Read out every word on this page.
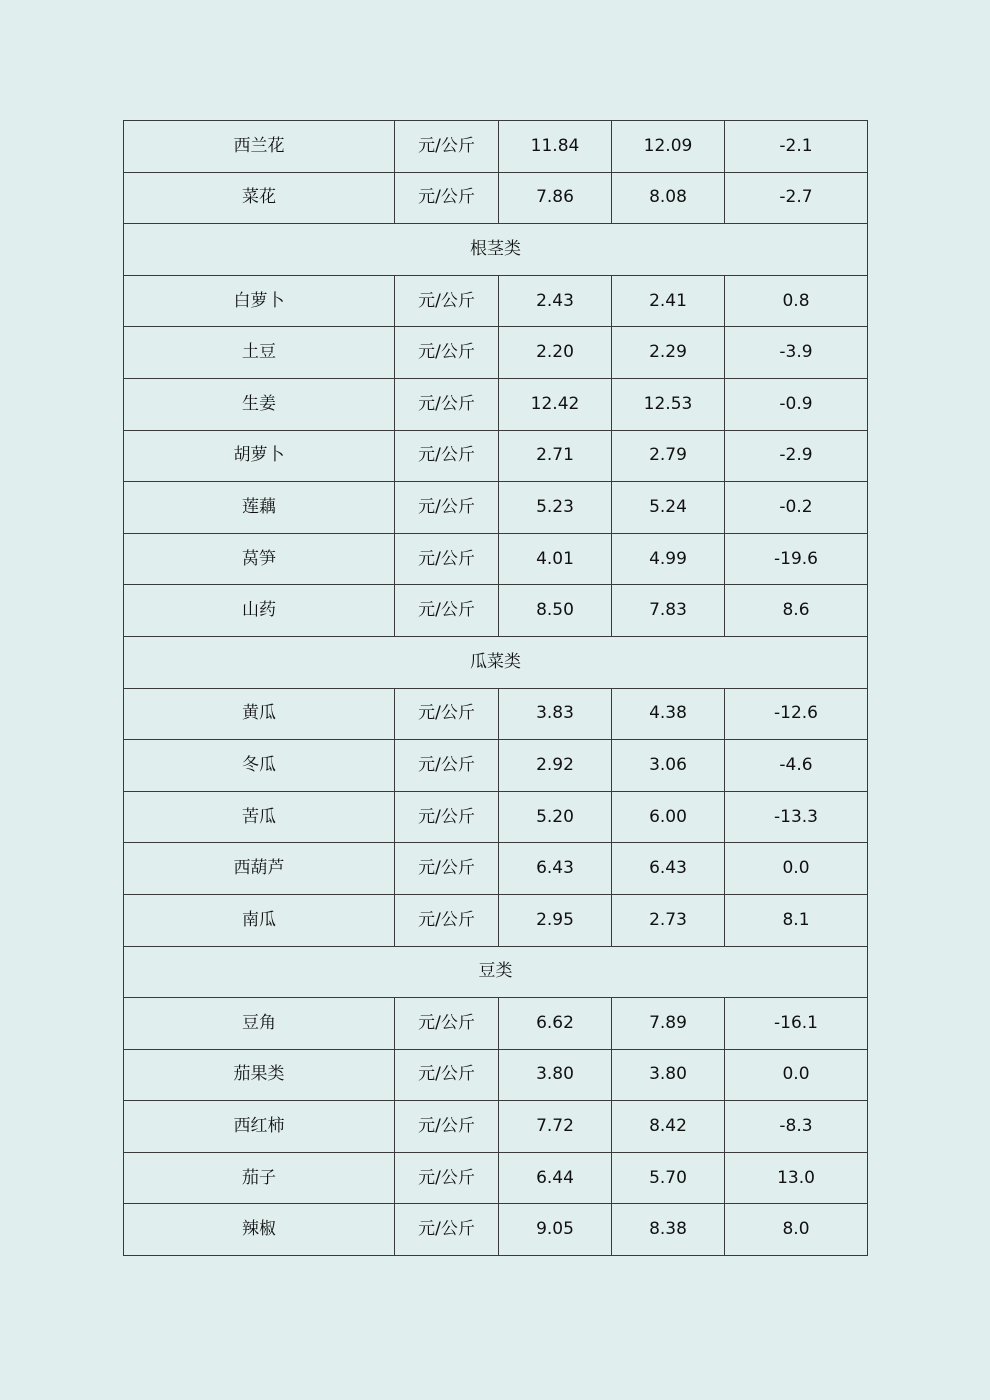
西兰花	元/公斤	11.84	12.09	-2.1
菜花	元/公斤	7.86	8.08	-2.7
根茎类				
白萝卜	元/公斤	2.43	2.41	0.8
土豆	元/公斤	2.20	2.29	-3.9
生姜	元/公斤	12.42	12.53	-0.9
胡萝卜	元/公斤	2.71	2.79	-2.9
莲藕	元/公斤	5.23	5.24	-0.2
莴笋	元/公斤	4.01	4.99	-19.6
山药	元/公斤	8.50	7.83	8.6
瓜菜类				
黄瓜	元/公斤	3.83	4.38	-12.6
冬瓜	元/公斤	2.92	3.06	-4.6
苦瓜	元/公斤	5.20	6.00	-13.3
西葫芦	元/公斤	6.43	6.43	0.0
南瓜	元/公斤	2.95	2.73	8.1
豆类				
豆角	元/公斤	6.62	7.89	-16.1
茄果类	元/公斤	3.80	3.80	0.0
西红柿	元/公斤	7.72	8.42	-8.3
茄子	元/公斤	6.44	5.70	13.0
辣椒	元/公斤	9.05	8.38	8.0
